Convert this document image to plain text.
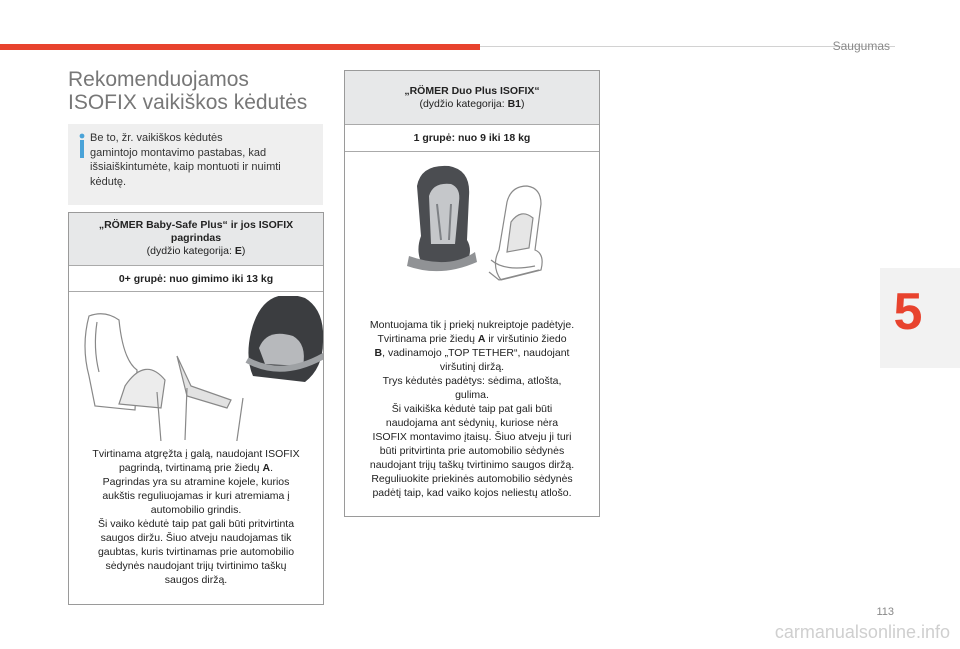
Saugumas
5
Rekomenduojamos
ISOFIX vaikiškos kėdutės
Be to, žr. vaikiškos kėdutės
gamintojo montavimo pastabas, kad
išsiaiškintumėte, kaip montuoti ir nuimti
kėdutę.
„RÖMER Baby-Safe Plus“ ir jos ISOFIX
pagrindas
(dydžio kategorija: E)
0+ grupė: nuo gimimo iki 13 kg

Tvirtinama atgręžta į galą, naudojant ISOFIX

pagrindą, tvirtinamą prie žiedų A.

Pagrindas yra su atramine kojele, kurios

aukštis reguliuojamas ir kuri atremiama į

automobilio grindis.

Ši vaiko kėdutė taip pat gali būti pritvirtinta

saugos diržu. Šiuo atveju naudojamas tik

gaubtas, kuris tvirtinamas prie automobilio

sėdynės naudojant trijų tvirtinimo taškų

saugos diržą.

„RÖMER Duo Plus ISOFIX“
(dydžio kategorija: B1)
1 grupė: nuo 9 iki 18 kg

Montuojama tik į priekį nukreiptoje padėtyje.

Tvirtinama prie žiedų A ir viršutinio žiedo

B, vadinamojo „TOP TETHER“, naudojant

viršutinį diržą.

Trys kėdutės padėtys: sėdima, atlošta,

gulima.

Ši vaikiška kėdutė taip pat gali būti

naudojama ant sėdynių, kuriose nėra

ISOFIX montavimo įtaisų. Šiuo atveju ji turi

būti pritvirtinta prie automobilio sėdynės

naudojant trijų taškų tvirtinimo saugos diržą.

Reguliuokite priekinės automobilio sėdynės

padėtį taip, kad vaiko kojos neliestų atlošo.

113
carmanualsonline.info
